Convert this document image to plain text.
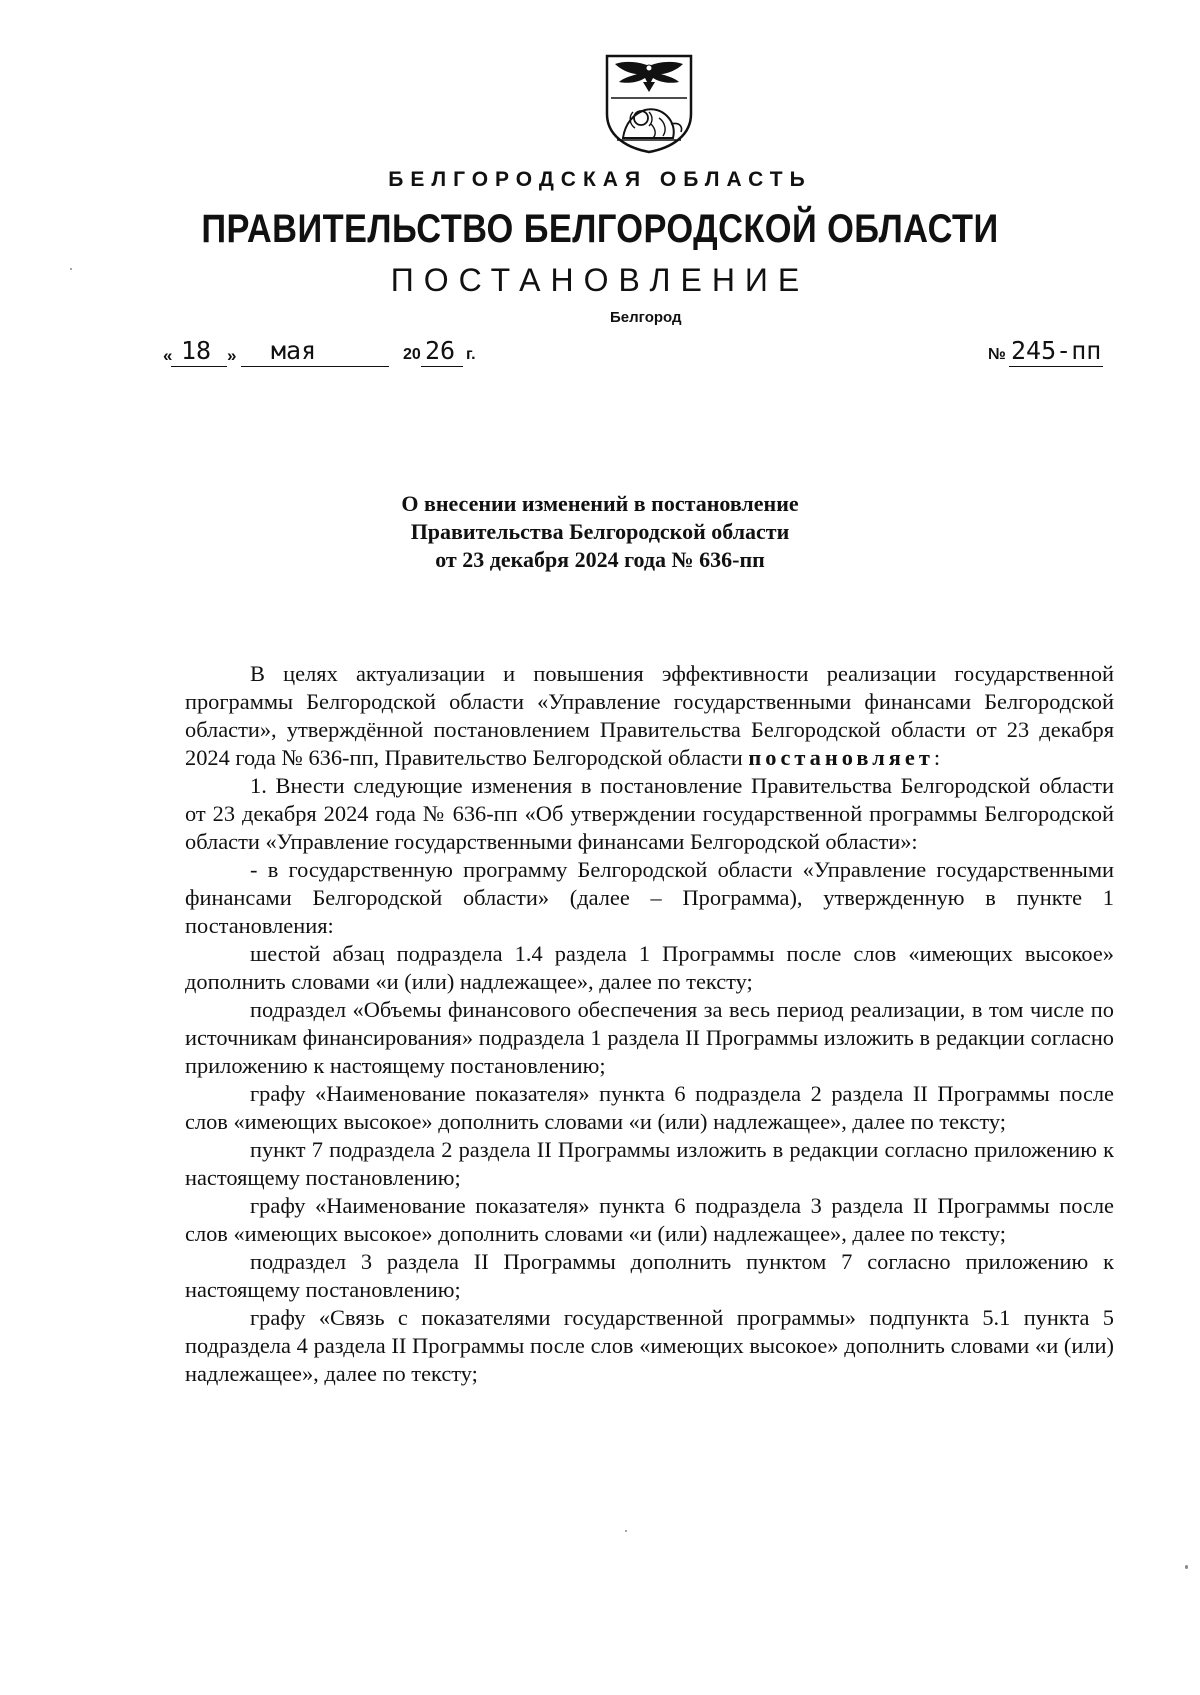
БЕЛГОРОДСКАЯ ОБЛАСТЬ
ПРАВИТЕЛЬСТВО БЕЛГОРОДСКОЙ ОБЛАСТИ
ПОСТАНОВЛЕНИЕ
Белгород
« 18 » мая	20 26 г.	№ 245-пп
О внесении изменений в постановление
Правительства Белгородской области
от 23 декабря 2024 года № 636-пп

В целях актуализации и повышения эффективности реализации государственной программы Белгородской области «Управление государственными финансами Белгородской области», утверждённой постановлением Правительства Белгородской области от 23 декабря 2024 года № 636-пп, Правительство Белгородской области постановляет:

1. Внести следующие изменения в постановление Правительства Белгородской области от 23 декабря 2024 года № 636-пп «Об утверждении государственной программы Белгородской области «Управление государственными финансами Белгородской области»:

- в государственную программу Белгородской области «Управление государственными финансами Белгородской области» (далее – Программа), утвержденную в пункте 1 постановления:

шестой абзац подраздела 1.4 раздела 1 Программы после слов «имеющих высокое» дополнить словами «и (или) надлежащее», далее по тексту;

подраздел «Объемы финансового обеспечения за весь период реализации, в том числе по источникам финансирования» подраздела 1 раздела II Программы изложить в редакции согласно приложению к настоящему постановлению;

графу «Наименование показателя» пункта 6 подраздела 2 раздела II Программы после слов «имеющих высокое» дополнить словами «и (или) надлежащее», далее по тексту;

пункт 7 подраздела 2 раздела II Программы изложить в редакции согласно приложению к настоящему постановлению;

графу «Наименование показателя» пункта 6 подраздела 3 раздела II Программы после слов «имеющих высокое» дополнить словами «и (или) надлежащее», далее по тексту;

подраздел 3 раздела II Программы дополнить пунктом 7 согласно приложению к настоящему постановлению;

графу «Связь с показателями государственной программы» подпункта 5.1 пункта 5 подраздела 4 раздела II Программы после слов «имеющих высокое» дополнить словами «и (или) надлежащее», далее по тексту;
